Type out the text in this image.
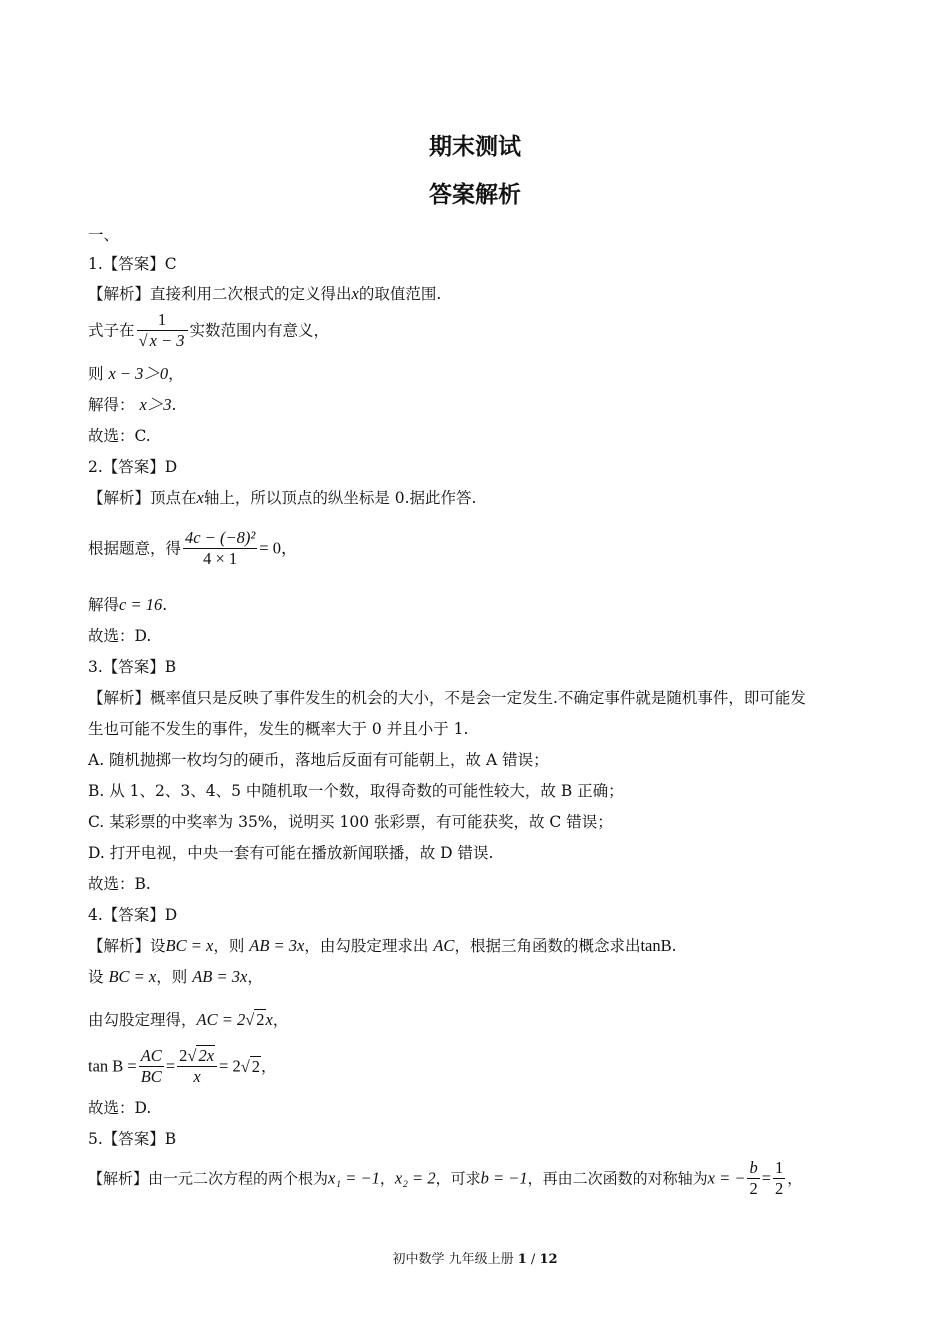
期末测试
答案解析
一、
1.【答案】C
【解析】直接利用二次根式的定义得出x的取值范围.
式子在 $\frac{1}{√ x - 3}$ 实数范围内有意义，
则 x − 3＞0，
解得： x＞3.
故选：C.
2.【答案】D
【解析】顶点在x轴上，所以顶点的纵坐标是 0.据此作答.
根据题意，得 $\frac{\text{4c − (−8)²}}{4 \times 1} = 0$，
解得c = 16.
故选：D.
3.【答案】B
【解析】概率值只是反映了事件发生的机会的大小，不是会一定发生.不确定事件就是随机事件，即可能发
生也可能不发生的事件，发生的概率大于 0 并且小于 1.
A. 随机抛掷一枚均匀的硬币，落地后反面有可能朝上，故 A 错误；
B. 从 1、2、3、4、5 中随机取一个数，取得奇数的可能性较大，故 B 正确；
C. 某彩票的中奖率为 35%，说明买 100 张彩票，有可能获奖，故 C 错误；
D. 打开电视，中央一套有可能在播放新闻联播，故 D 错误.
故选：B.
4.【答案】D
【解析】设BC = x，则 AB = 3x，由勾股定理求出 AC，根据三角函数的概念求出tanB.
设 BC = x，则 AB = 3x，
由勾股定理得，AC = 2√ 2x，
$\tan B = \frac{AC}{BC} = \frac{2√ 2x}{x} = 2√$ 2，
故选：D.
5.【答案】B
【解析】由一元二次方程的两个根为x₁ = −1，x₂ = 2，可求b = −1，再由二次函数的对称轴为x = − $\frac{b}{2} = \frac{1}{2}$ ，
初中数学 九年级上册 1 / 12
